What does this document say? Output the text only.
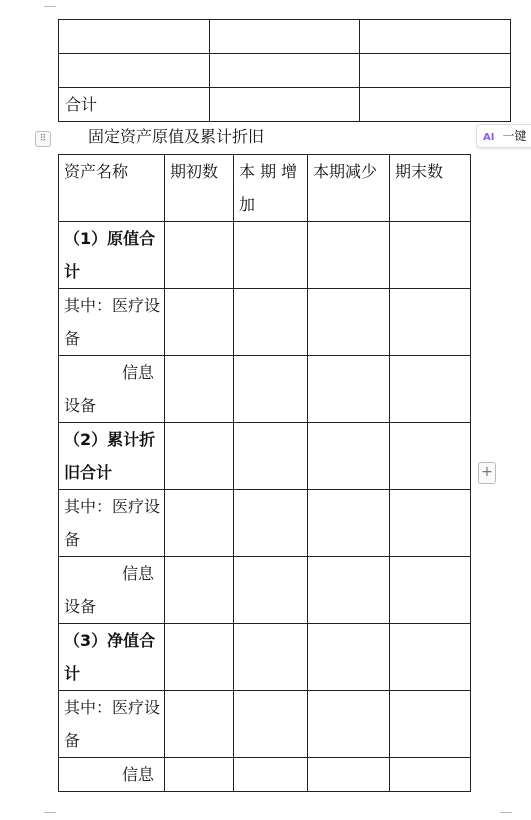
合计		
⠿	固定资产原值及累计折旧	AI 一键
资产名称	期初数	本 期 增 加	本期减少	期末数
（1）原值合计				
其中：医疗设备				
信息设备				
（2）累计折旧合计				
其中：医疗设备				
信息设备				
（3）净值合计				
其中：医疗设备				
信息				
+
